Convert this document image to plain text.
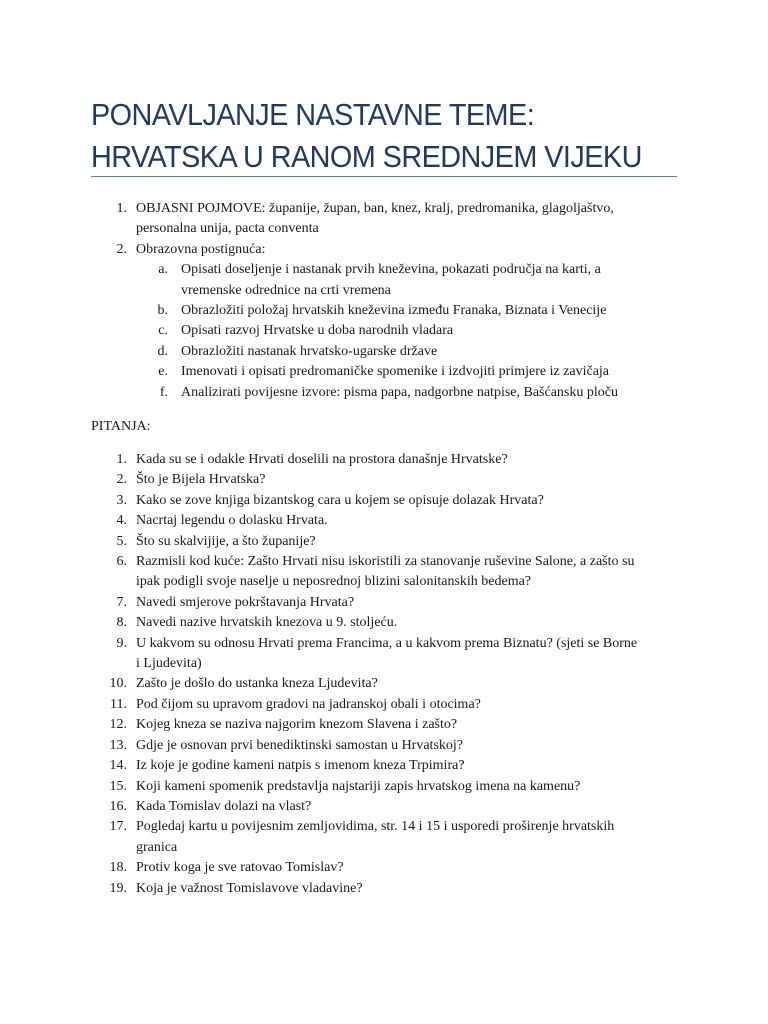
PONAVLJANJE NASTAVNE TEME:
HRVATSKA U RANOM SREDNJEM VIJEKU
1. OBJASNI POJMOVE: županije, župan, ban, knez, kralj, predromanika, glagoljaštvo,
personalna unija, pacta conventa
2. Obrazovna postignuća:
a. Opisati doseljenje i nastanak prvih kneževina, pokazati područja na karti, a
vremenske odrednice na crti vremena
b. Obrazložiti položaj hrvatskih kneževina između Franaka, Biznata i Venecije
c. Opisati razvoj Hrvatske u doba narodnih vladara
d. Obrazložiti nastanak hrvatsko-ugarske države
e. Imenovati i opisati predromaničke spomenike i izdvojiti primjere iz zavičaja
f. Analizirati povijesne izvore: pisma papa, nadgorbne natpise, Bašćansku ploču
PITANJA:
1. Kada su se i odakle Hrvati doselili na prostora današnje Hrvatske?
2. Što je Bijela Hrvatska?
3. Kako se zove knjiga bizantskog cara u kojem se opisuje dolazak Hrvata?
4. Nacrtaj legendu o dolasku Hrvata.
5. Što su skalvijije, a što županije?
6. Razmisli kod kuće: Zašto Hrvati nisu iskoristili za stanovanje ruševine Salone, a zašto su
ipak podigli svoje naselje u neposrednoj blizini salonitanskih bedema?
7. Navedi smjerove pokrštavanja Hrvata?
8. Navedi nazive hrvatskih knezova u 9. stoljeću.
9. U kakvom su odnosu Hrvati prema Francima, a u kakvom prema Biznatu? (sjeti se Borne
i Ljudevita)
10. Zašto je došlo do ustanka kneza Ljudevita?
11. Pod čijom su upravom gradovi na jadranskoj obali i otocima?
12. Kojeg kneza se naziva najgorim knezom Slavena i zašto?
13. Gdje je osnovan prvi benediktinski samostan u Hrvatskoj?
14. Iz koje je godine kameni natpis s imenom kneza Trpimira?
15. Koji kameni spomenik predstavlja najstariji zapis hrvatskog imena na kamenu?
16. Kada Tomislav dolazi na vlast?
17. Pogledaj kartu u povijesnim zemljovidima, str. 14 i 15 i usporedi proširenje hrvatskih
granica
18. Protiv koga je sve ratovao Tomislav?
19. Koja je važnost Tomislavove vladavine?
